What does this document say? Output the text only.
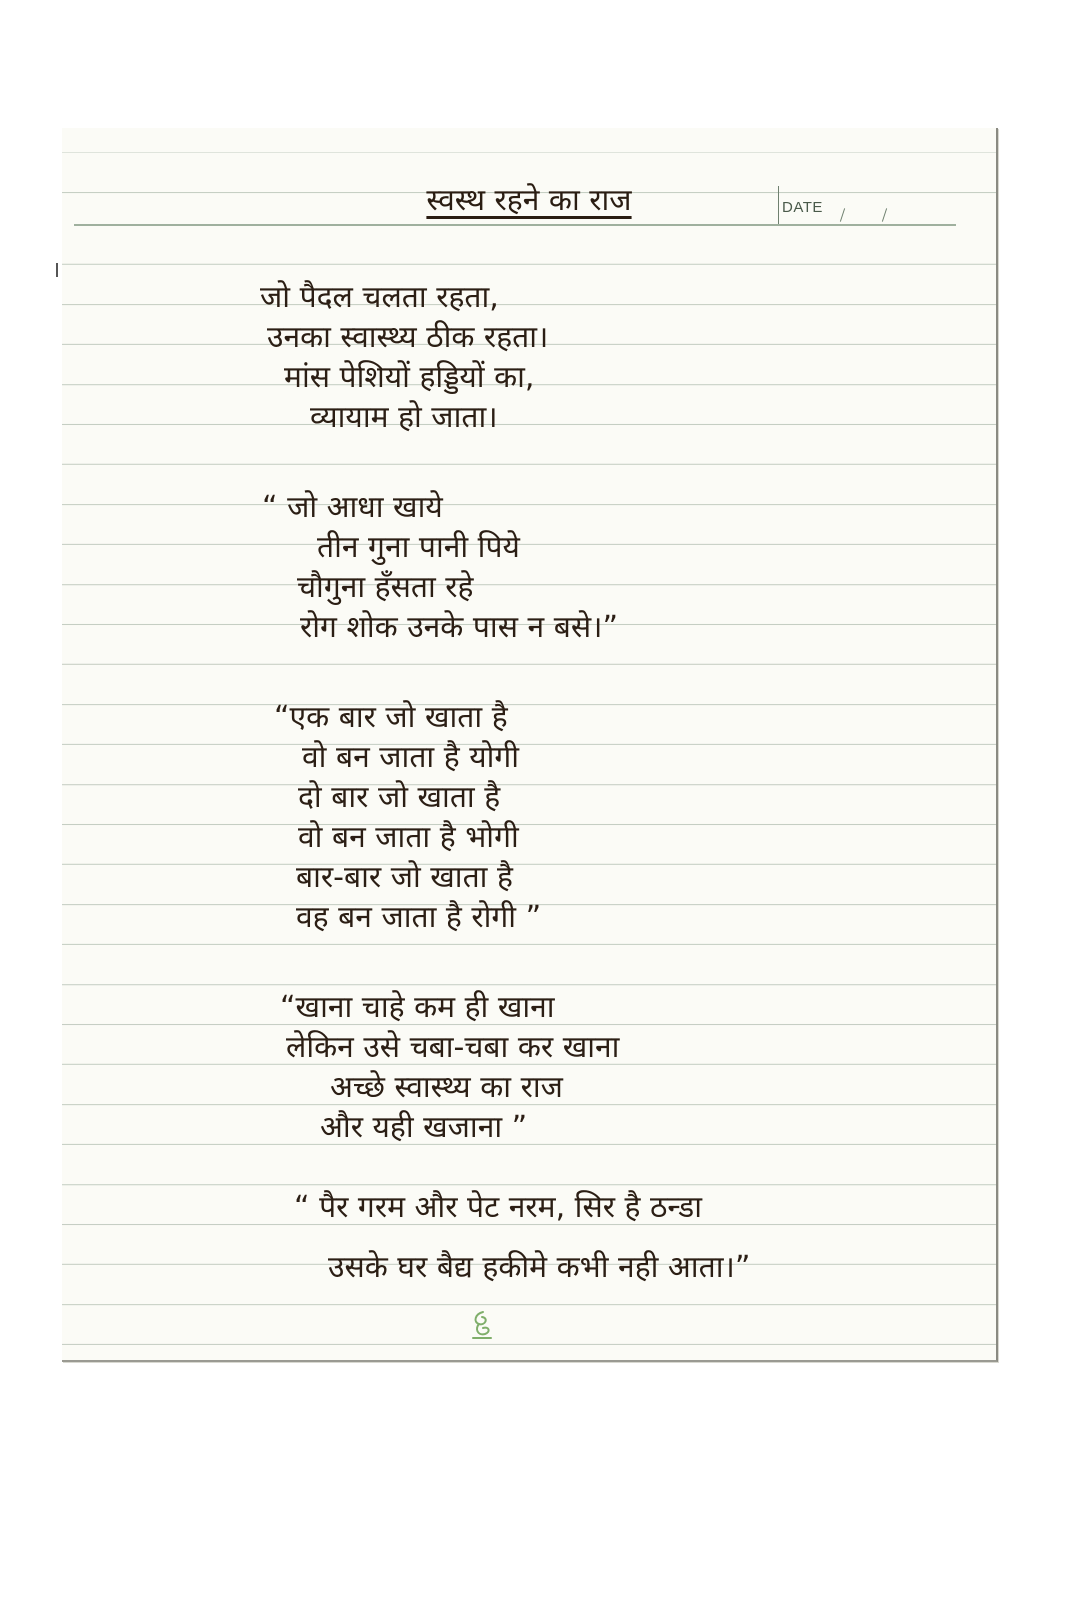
स्वस्थ रहने का राज	DATE
जो पैदल चलता रहता,
उनका स्वास्थ्य ठीक रहता।
मांस पेशियों हड्डियों का,
व्यायाम हो जाता।
“ जो आधा खाये
तीन गुना पानी पिये
चौगुना हँसता रहे
रोग शोक उनके पास न बसे।”
“एक बार जो खाता है
वो बन जाता है योगी
दो बार जो खाता है
वो बन जाता है भोगी
बार-बार जो खाता है
वह बन जाता है रोगी ”
“खाना चाहे कम ही खाना
लेकिन उसे चबा-चबा कर खाना
अच्छे स्वास्थ्य का राज
और यही खजाना ”
“ पैर गरम और पेट नरम, सिर है ठन्डा
उसके घर बैद्य हकीमे कभी नही आता।”
